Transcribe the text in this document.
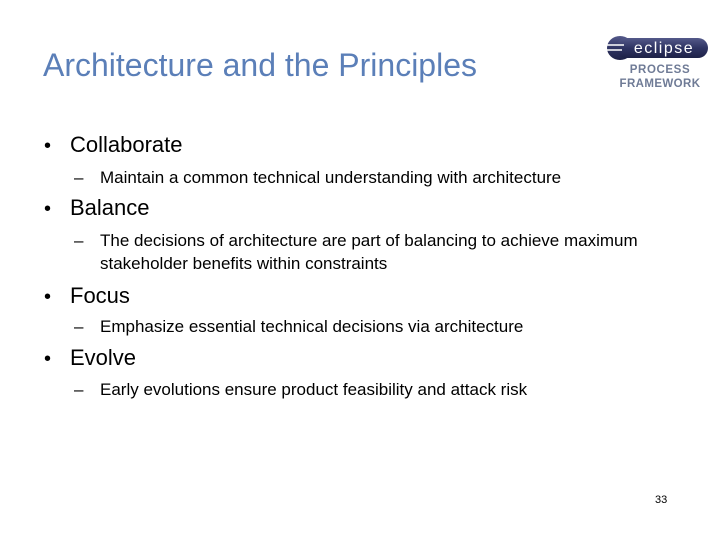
Architecture and the Principles	eclipse
PROCESS
FRAMEWORK
• Collaborate
– Maintain a common technical understanding with architecture
• Balance
– The decisions of architecture are part of balancing to achieve maximum stakeholder benefits within constraints
• Focus
– Emphasize essential technical decisions via architecture
• Evolve
– Early evolutions ensure product feasibility and attack risk
33
